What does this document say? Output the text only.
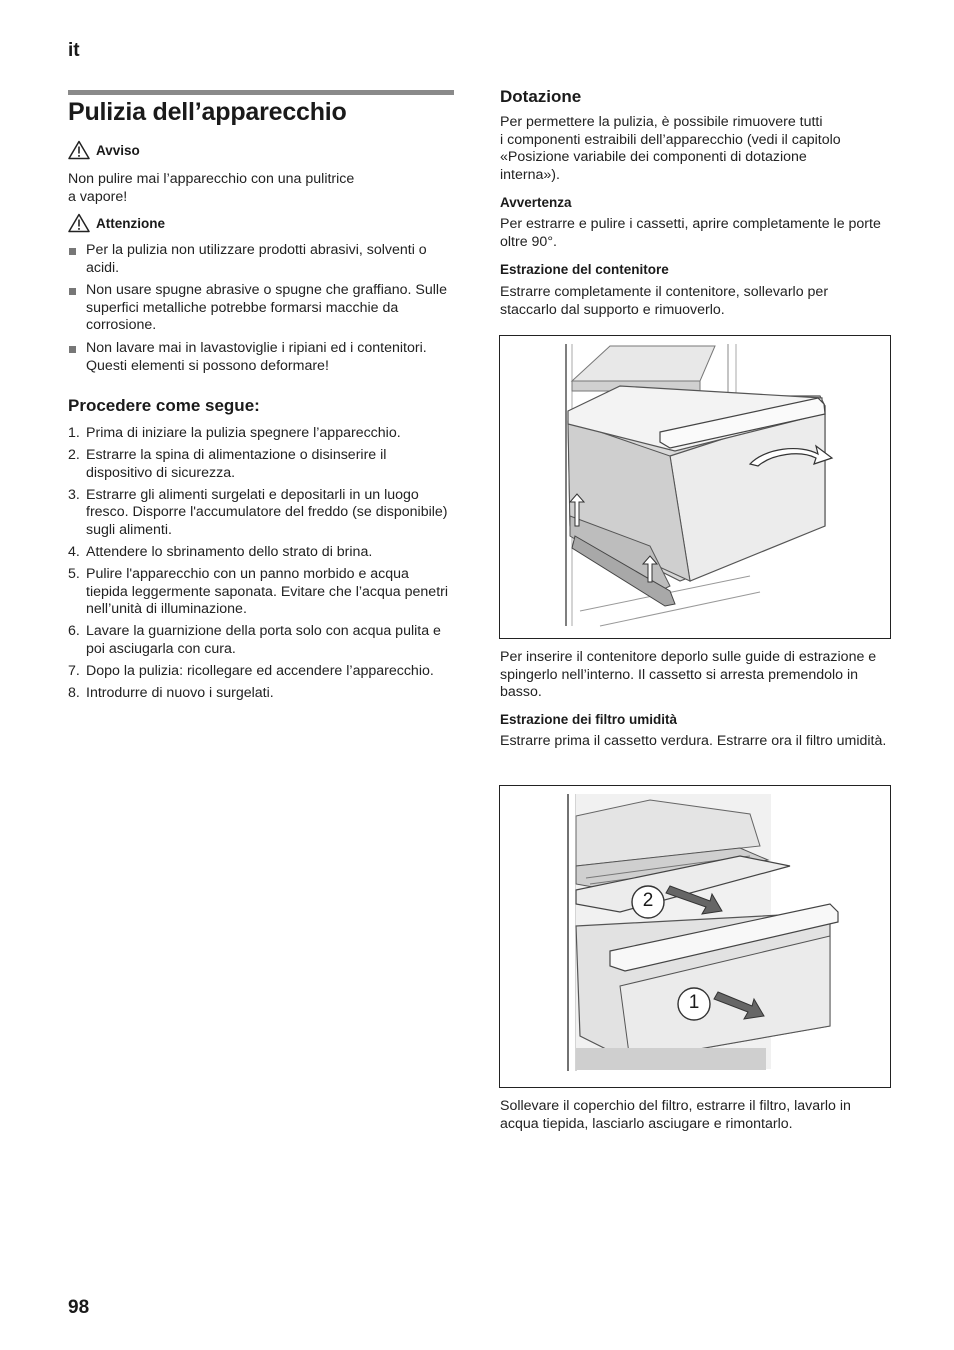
it
98
Pulizia dell’apparecchio
Avviso
Non pulire mai l’apparecchio con una pulitrice
a vapore!
Attenzione
Per la pulizia non utilizzare prodotti abrasivi, solventi o acidi.
Non usare spugne abrasive o spugne che graffiano. Sulle superfici metalliche potrebbe formarsi macchie da corrosione.
Non lavare mai in lavastoviglie i ripiani ed i contenitori. Questi elementi si possono deformare!
Procedere come segue:
1. Prima di iniziare la pulizia spegnere l’apparecchio.
2. Estrarre la spina di alimentazione o disinserire il dispositivo di sicurezza.
3. Estrarre gli alimenti surgelati e depositarli in un luogo fresco. Disporre l'accumulatore del freddo (se disponibile) sugli alimenti.
4. Attendere lo sbrinamento dello strato di brina.
5. Pulire l'apparecchio con un panno morbido e acqua tiepida leggermente saponata. Evitare che l’acqua penetri nell’unità di illuminazione.
6. Lavare la guarnizione della porta solo con acqua pulita e poi asciugarla con cura.
7. Dopo la pulizia: ricollegare ed accendere l’apparecchio.
8. Introdurre di nuovo i surgelati.
Dotazione
Per permettere la pulizia, è possibile rimuovere tutti
i componenti estraibili dell’apparecchio (vedi il capitolo
«Posizione variabile dei componenti di dotazione
interna»).
Avvertenza
Per estrarre e pulire i cassetti, aprire completamente le porte oltre 90°.
Estrazione del contenitore
Estrarre completamente il contenitore, sollevarlo per staccarlo dal supporto e rimuoverlo.
Per inserire il contenitore deporlo sulle guide di estrazione e spingerlo nell’interno. Il cassetto si arresta premendolo in basso.
Estrazione dei filtro umidità
Estrarre prima il cassetto verdura. Estrarre ora il filtro umidità.
2
1
Sollevare il coperchio del filtro, estrarre il filtro, lavarlo in acqua tiepida, lasciarlo asciugare e rimontarlo.
